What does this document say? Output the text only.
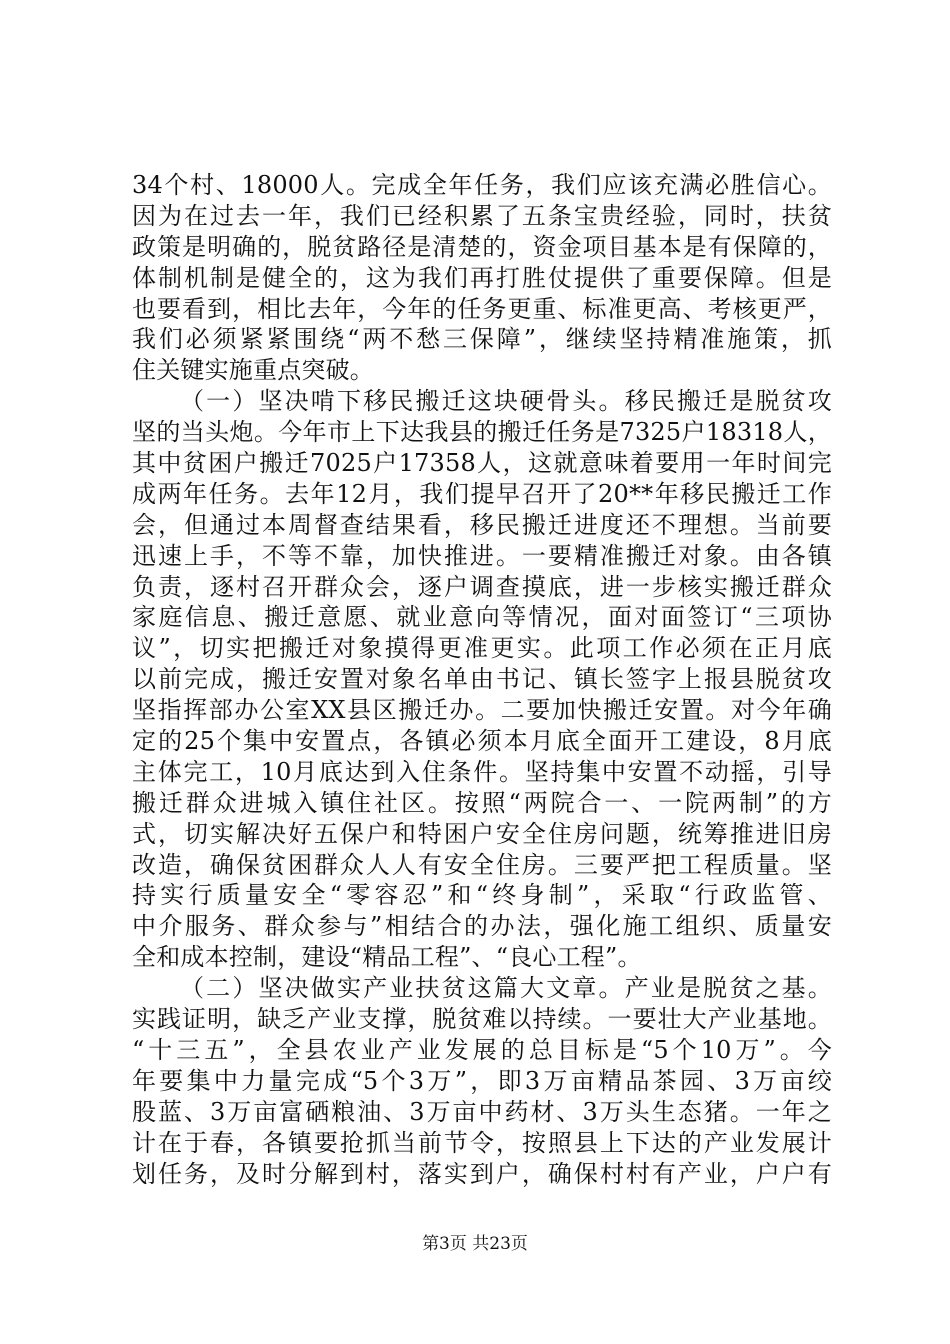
34个村、18000人。完成全年任务，我们应该充满必胜信心。
因为在过去一年，我们已经积累了五条宝贵经验，同时，扶贫
政策是明确的，脱贫路径是清楚的，资金项目基本是有保障的，
体制机制是健全的，这为我们再打胜仗提供了重要保障。但是
也要看到，相比去年，今年的任务更重、标准更高、考核更严，
我们必须紧紧围绕“两不愁三保障”，继续坚持精准施策，抓
住关键实施重点突破。
（一）坚决啃下移民搬迁这块硬骨头。移民搬迁是脱贫攻
坚的当头炮。今年市上下达我县的搬迁任务是7325户18318人，
其中贫困户搬迁7025户17358人，这就意味着要用一年时间完
成两年任务。去年12月，我们提早召开了20**年移民搬迁工作
会，但通过本周督查结果看，移民搬迁进度还不理想。当前要
迅速上手，不等不靠，加快推进。一要精准搬迁对象。由各镇
负责，逐村召开群众会，逐户调查摸底，进一步核实搬迁群众
家庭信息、搬迁意愿、就业意向等情况，面对面签订“三项协
议”，切实把搬迁对象摸得更准更实。此项工作必须在正月底
以前完成，搬迁安置对象名单由书记、镇长签字上报县脱贫攻
坚指挥部办公室XX县区搬迁办。二要加快搬迁安置。对今年确
定的25个集中安置点，各镇必须本月底全面开工建设，8月底
主体完工，10月底达到入住条件。坚持集中安置不动摇，引导
搬迁群众进城入镇住社区。按照“两院合一、一院两制”的方
式，切实解决好五保户和特困户安全住房问题，统筹推进旧房
改造，确保贫困群众人人有安全住房。三要严把工程质量。坚
持实行质量安全“零容忍”和“终身制”，采取“行政监管、
中介服务、群众参与”相结合的办法，强化施工组织、质量安
全和成本控制，建设“精品工程”、“良心工程”。
（二）坚决做实产业扶贫这篇大文章。产业是脱贫之基。
实践证明，缺乏产业支撑，脱贫难以持续。一要壮大产业基地。
“十三五”，全县农业产业发展的总目标是“5个10万”。今
年要集中力量完成“5个3万”，即3万亩精品茶园、3万亩绞
股蓝、3万亩富硒粮油、3万亩中药材、3万头生态猪。一年之
计在于春，各镇要抢抓当前节令，按照县上下达的产业发展计
划任务，及时分解到村，落实到户，确保村村有产业，户户有
第3页 共23页
